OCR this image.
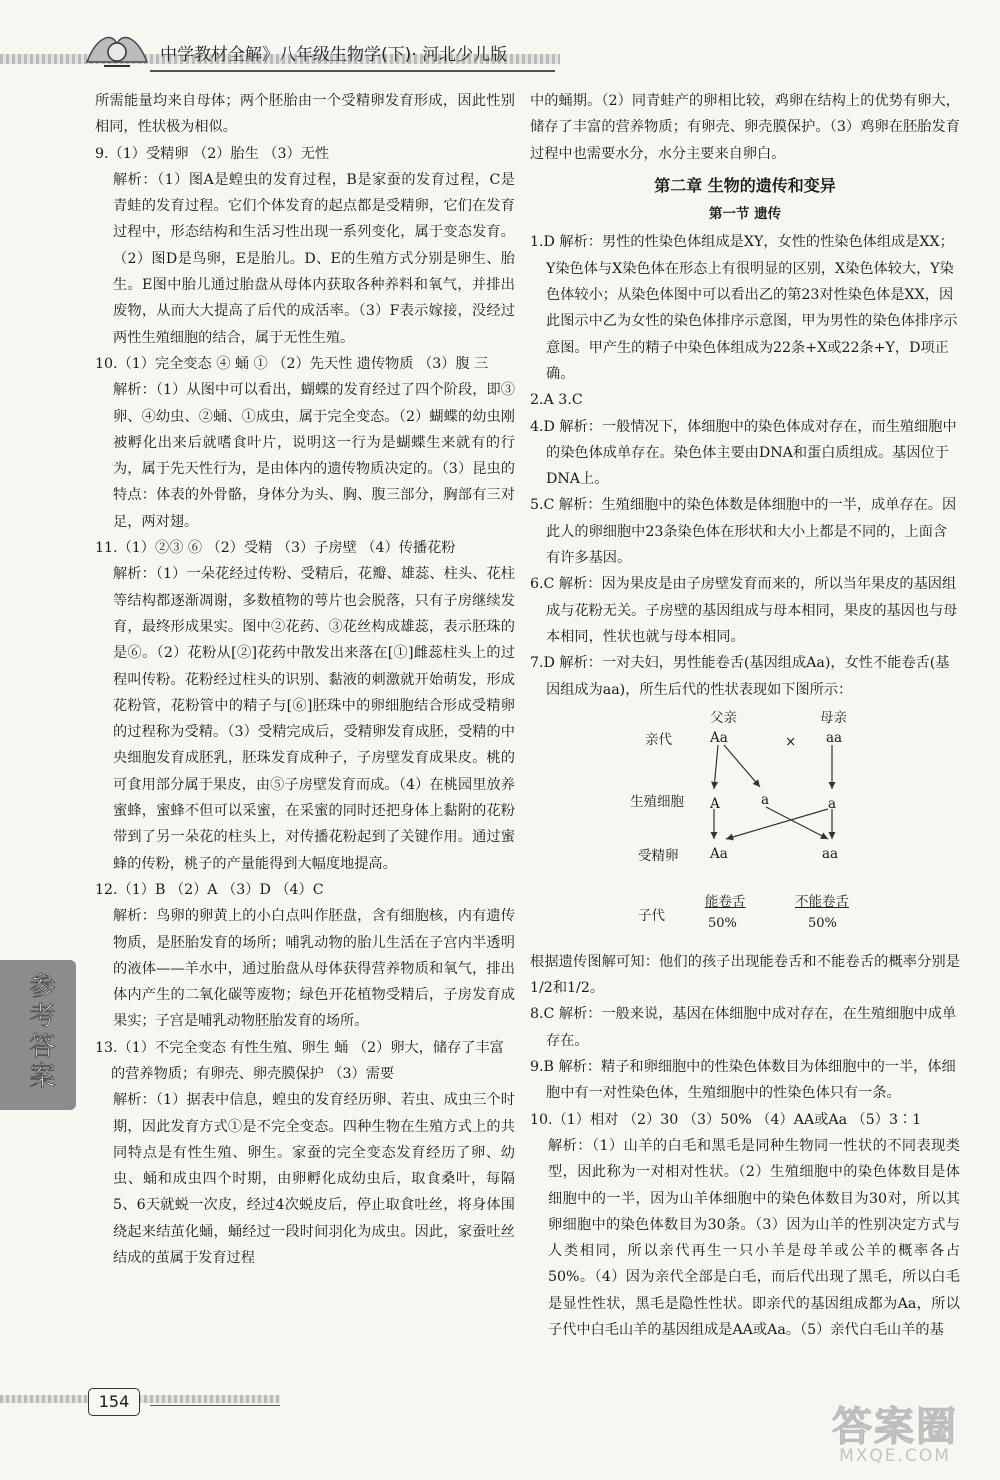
中学教材全解》八年级生物学(下)· 河北少儿版
参考答案

所需能量均来自母体；两个胚胎由一个受精卵发育形成，因此性别相同，性状极为相似。

9.（1）受精卵 （2）胎生 （3）无性

解析：（1）图A是蝗虫的发育过程，B是家蚕的发育过程，C是青蛙的发育过程。它们个体发育的起点都是受精卵，它们在发育过程中，形态结构和生活习性出现一系列变化，属于变态发育。（2）图D是鸟卵，E是胎儿。D、E的生殖方式分别是卵生、胎生。E图中胎儿通过胎盘从母体内获取各种养料和氧气，并排出废物，从而大大提高了后代的成活率。（3）F表示嫁接，没经过两性生殖细胞的结合，属于无性生殖。

10.（1）完全变态 ④ 蛹 ① （2）先天性 遗传物质 （3）腹 三

解析：（1）从图中可以看出，蝴蝶的发育经过了四个阶段，即③卵、④幼虫、②蛹、①成虫，属于完全变态。（2）蝴蝶的幼虫刚被孵化出来后就嗜食叶片，说明这一行为是蝴蝶生来就有的行为，属于先天性行为，是由体内的遗传物质决定的。（3）昆虫的特点：体表的外骨骼，身体分为头、胸、腹三部分，胸部有三对足，两对翅。

11.（1）②③ ⑥ （2）受精 （3）子房壁 （4）传播花粉

解析：（1）一朵花经过传粉、受精后，花瓣、雄蕊、柱头、花柱等结构都逐渐凋谢，多数植物的萼片也会脱落，只有子房继续发育，最终形成果实。图中②花药、③花丝构成雄蕊，表示胚珠的是⑥。（2）花粉从[②]花药中散发出来落在[①]雌蕊柱头上的过程叫传粉。花粉经过柱头的识别、黏液的刺激就开始萌发，形成花粉管，花粉管中的精子与[⑥]胚珠中的卵细胞结合形成受精卵的过程称为受精。（3）受精完成后，受精卵发育成胚，受精的中央细胞发育成胚乳，胚珠发育成种子，子房壁发育成果皮。桃的可食用部分属于果皮，由⑤子房壁发育而成。（4）在桃园里放养蜜蜂，蜜蜂不但可以采蜜，在采蜜的同时还把身体上黏附的花粉带到了另一朵花的柱头上，对传播花粉起到了关键作用。通过蜜蜂的传粉，桃子的产量能得到大幅度地提高。

12.（1）B （2）A （3）D （4）C

解析：鸟卵的卵黄上的小白点叫作胚盘，含有细胞核，内有遗传物质，是胚胎发育的场所；哺乳动物的胎儿生活在子宫内半透明的液体——羊水中，通过胎盘从母体获得营养物质和氧气，排出体内产生的二氧化碳等废物；绿色开花植物受精后，子房发育成果实；子宫是哺乳动物胚胎发育的场所。

13.（1）不完全变态 有性生殖、卵生 蛹 （2）卵大，储存了丰富的营养物质；有卵壳、卵壳膜保护 （3）需要

解析：（1）据表中信息，蝗虫的发育经历卵、若虫、成虫三个时期，因此发育方式①是不完全变态。四种生物在生殖方式上的共同特点是有性生殖、卵生。家蚕的完全变态发育经历了卵、幼虫、蛹和成虫四个时期，由卵孵化成幼虫后，取食桑叶，每隔5、6天就蜕一次皮，经过4次蜕皮后，停止取食吐丝，将身体围绕起来结茧化蛹，蛹经过一段时间羽化为成虫。因此，家蚕吐丝结成的茧属于发育过程

中的蛹期。（2）同青蛙产的卵相比较，鸡卵在结构上的优势有卵大，储存了丰富的营养物质；有卵壳、卵壳膜保护。（3）鸡卵在胚胎发育过程中也需要水分，水分主要来自卵白。

第二章 生物的遗传和变异
第一节 遗传

1.D 解析：男性的性染色体组成是XY，女性的性染色体组成是XX；Y染色体与X染色体在形态上有很明显的区别，X染色体较大，Y染色体较小；从染色体图中可以看出乙的第23对性染色体是XX，因此图示中乙为女性的染色体排序示意图，甲为男性的染色体排序示意图。甲产生的精子中染色体组成为22条+X或22条+Y，D项正确。

2.A 3.C

4.D 解析：一般情况下，体细胞中的染色体成对存在，而生殖细胞中的染色体成单存在。染色体主要由DNA和蛋白质组成。基因位于DNA上。

5.C 解析：生殖细胞中的染色体数是体细胞中的一半，成单存在。因此人的卵细胞中23条染色体在形状和大小上都是不同的，上面含有许多基因。

6.C 解析：因为果皮是由子房壁发育而来的，所以当年果皮的基因组成与花粉无关。子房壁的基因组成与母本相同，果皮的基因也与母本相同，性状也就与母本相同。

7.D 解析：一对夫妇，男性能卷舌(基因组成Aa)，女性不能卷舌(基因组成为aa)，所生后代的性状表现如下图所示：

父亲	母亲
亲代	Aa	× aa
生殖细胞 A	a	a
受精卵 Aa	aa
子代
能卷舌
50%
不能卷舌
50%

根据遗传图解可知：他们的孩子出现能卷舌和不能卷舌的概率分别是1/2和1/2。

8.C 解析：一般来说，基因在体细胞中成对存在，在生殖细胞中成单存在。

9.B 解析：精子和卵细胞中的性染色体数目为体细胞中的一半，体细胞中有一对性染色体，生殖细胞中的性染色体只有一条。

10.（1）相对 （2）30 （3）50% （4）AA或Aa （5）3∶1

解析：（1）山羊的白毛和黑毛是同种生物同一性状的不同表现类型，因此称为一对相对性状。（2）生殖细胞中的染色体数目是体细胞中的一半，因为山羊体细胞中的染色体数目为30对，所以其卵细胞中的染色体数目为30条。（3）因为山羊的性别决定方式与人类相同，所以亲代再生一只小羊是母羊或公羊的概率各占50%。（4）因为亲代全部是白毛，而后代出现了黑毛，所以白毛是显性性状，黑毛是隐性性状。即亲代的基因组成都为Aa，所以子代中白毛山羊的基因组成是AA或Aa。（5）亲代白毛山羊的基

154
答案圈
MXQE.COM
